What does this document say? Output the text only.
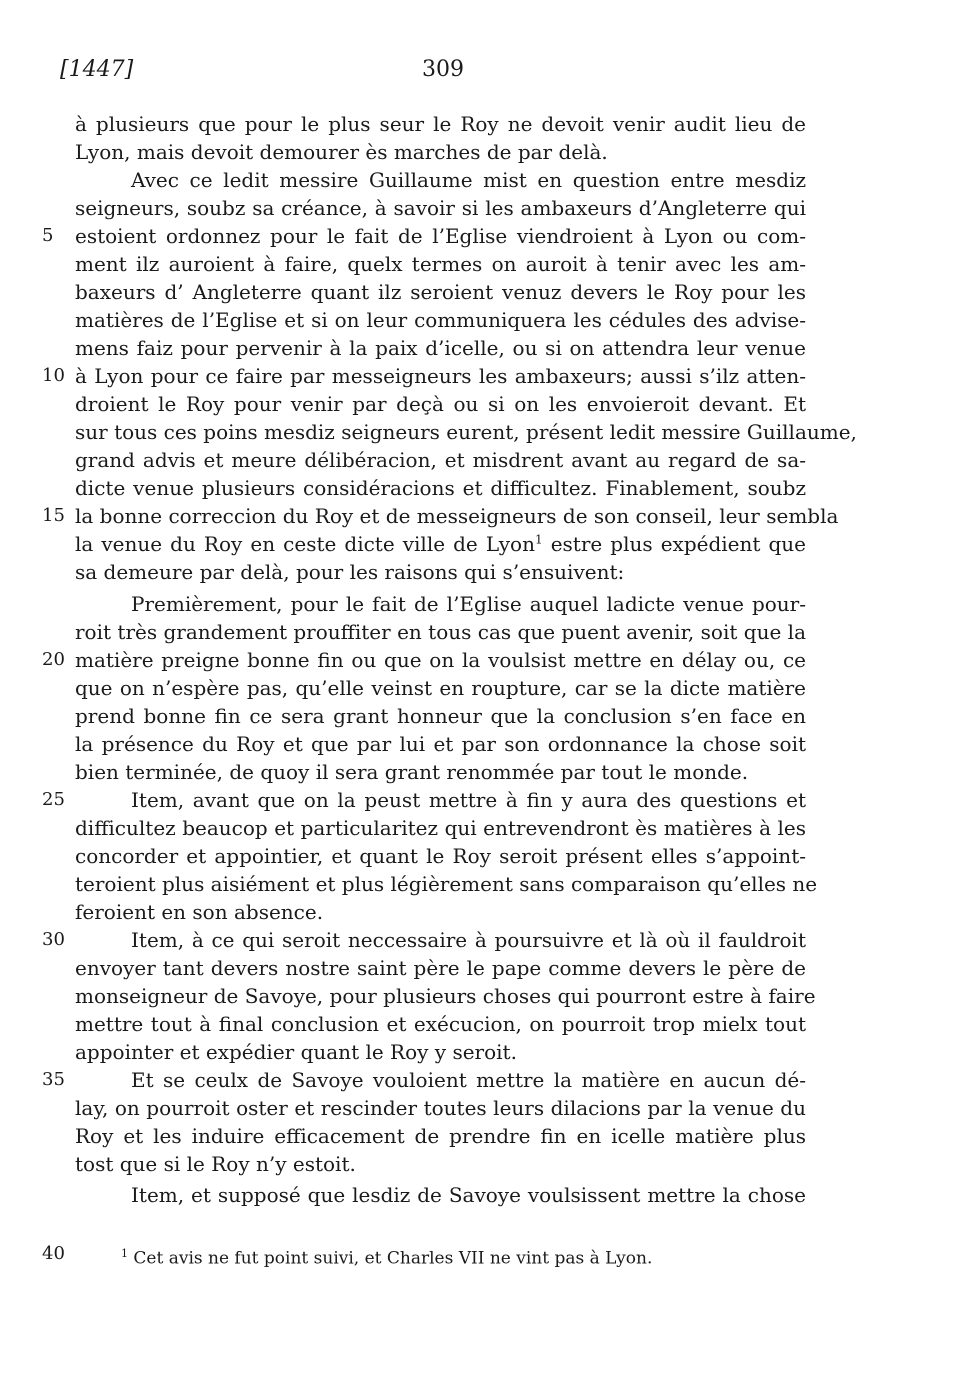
[1447]	309
à plusieurs que pour le plus seur le Roy ne devoit venir audit lieu de
Lyon, mais devoit demourer ès marches de par delà.
Avec ce ledit messire Guillaume mist en question entre mesdiz
seigneurs, soubz sa créance, à savoir si les ambaxeurs d’Angleterre qui
estoient ordonnez pour le fait de l’Eglise viendroient à Lyon ou com-
ment ilz auroient à faire, quelx termes on auroit à tenir avec les am-
baxeurs d’ Angleterre quant ilz seroient venuz devers le Roy pour les
matières de l’Eglise et si on leur communiquera les cédules des advise-
mens faiz pour pervenir à la paix d’icelle, ou si on attendra leur venue
à Lyon pour ce faire par messeigneurs les ambaxeurs; aussi s’ilz atten-
droient le Roy pour venir par deçà ou si on les envoieroit devant. Et
sur tous ces poins mesdiz seigneurs eurent, présent ledit messire Guillaume,
grand advis et meure délibéracion, et misdrent avant au regard de sa-
dicte venue plusieurs considéracions et difficultez. Finablement, soubz
la bonne correccion du Roy et de messeigneurs de son conseil, leur sembla
la venue du Roy en ceste dicte ville de Lyon$^1$ estre plus expédient que
sa demeure par delà, pour les raisons qui s’ensuivent:
Premièrement, pour le fait de l’Eglise auquel ladicte venue pour-
roit très grandement prouffiter en tous cas que puent avenir, soit que la
matière preigne bonne fin ou que on la voulsist mettre en délay ou, ce
que on n’espère pas, qu’elle veinst en roupture, car se la dicte matière
prend bonne fin ce sera grant honneur que la conclusion s’en face en
la présence du Roy et que par lui et par son ordonnance la chose soit
bien terminée, de quoy il sera grant renommée par tout le monde.
Item, avant que on la peust mettre à fin y aura des questions et
difficultez beaucop et particularitez qui entrevendront ès matières à les
concorder et appointier, et quant le Roy seroit présent elles s’appoint-
teroient plus aisiément et plus légièrement sans comparaison qu’elles ne
feroient en son absence.
Item, à ce qui seroit neccessaire à poursuivre et là où il fauldroit
envoyer tant devers nostre saint père le pape comme devers le père de
monseigneur de Savoye, pour plusieurs choses qui pourront estre à faire
mettre tout à final conclusion et exécucion, on pourroit trop mielx tout
appointer et expédier quant le Roy y seroit.
Et se ceulx de Savoye vouloient mettre la matière en aucun dé-
lay, on pourroit oster et rescinder toutes leurs dilacions par la venue du
Roy et les induire efficacement de prendre fin en icelle matière plus
tost que si le Roy n’y estoit.
Item, et supposé que lesdiz de Savoye voulsissent mettre la chose
5
10
15
20
25
30
35
40	$^1$ Cet avis ne fut point suivi, et Charles VII ne vint pas à Lyon.
